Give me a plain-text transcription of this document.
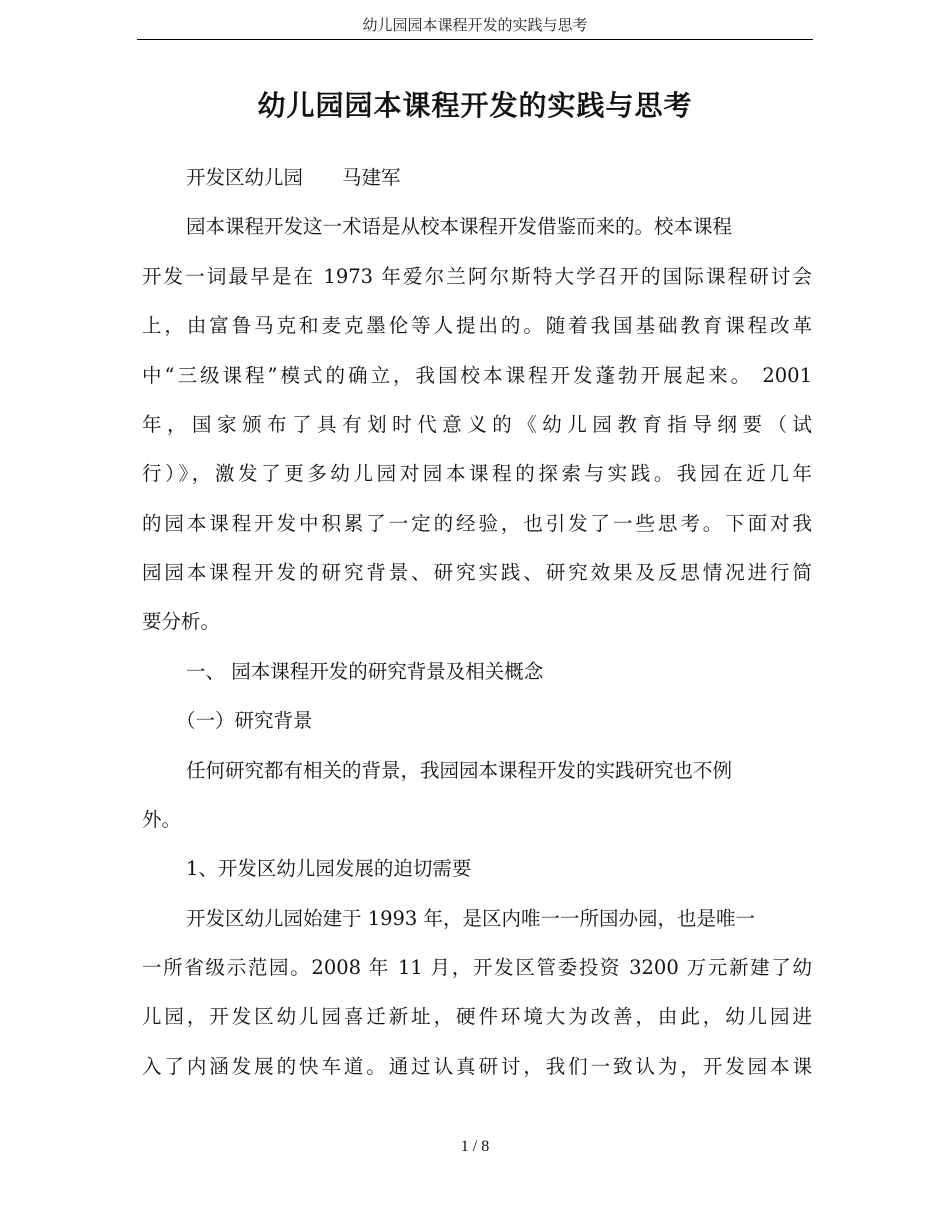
幼儿园园本课程开发的实践与思考
幼儿园园本课程开发的实践与思考
开发区幼儿园　　马建军
园本课程开发这一术语是从校本课程开发借鉴而来的。校本课程
开发一词最早是在 1973 年爱尔兰阿尔斯特大学召开的国际课程研讨会
上，由富鲁马克和麦克墨伦等人提出的。随着我国基础教育课程改革
中“三级课程”模式的确立，我国校本课程开发蓬勃开展起来。 2001
年，国家颁布了具有划时代意义的《幼儿园教育指导纲要（试
行）》，激发了更多幼儿园对园本课程的探索与实践。我园在近几年
的园本课程开发中积累了一定的经验，也引发了一些思考。下面对我
园园本课程开发的研究背景、研究实践、研究效果及反思情况进行简
要分析。
一、 园本课程开发的研究背景及相关概念
（一）研究背景
任何研究都有相关的背景，我园园本课程开发的实践研究也不例
外。
1、开发区幼儿园发展的迫切需要
开发区幼儿园始建于 1993 年，是区内唯一一所国办园，也是唯一
一所省级示范园。2008 年 11 月，开发区管委投资 3200 万元新建了幼
儿园，开发区幼儿园喜迁新址，硬件环境大为改善，由此，幼儿园进
入了内涵发展的快车道。通过认真研讨，我们一致认为，开发园本课
1 / 8
